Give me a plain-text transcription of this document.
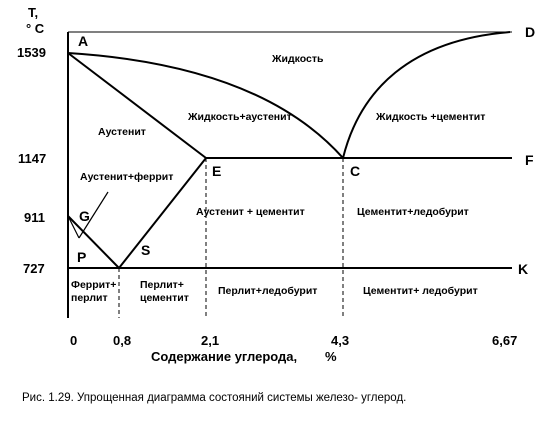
T,
° C
1539
1147
911
727
0	0,8	2,1	4,3	6,67
Содержание углерода, %
A
D
C
E
F
G
P	S
K
Жидкость
Жидкость+аустенит	Жидкость +цементит
Аустенит
Аустенит+феррит
Аустенит + цементит	Цементит+ледобурит
Феррит+
перлит
Перлит+
цементит
Перлит+ледобурит	Цементит+ ледобурит
Рис. 1.29. Упрощенная диаграмма состояний системы железо- углерод.
